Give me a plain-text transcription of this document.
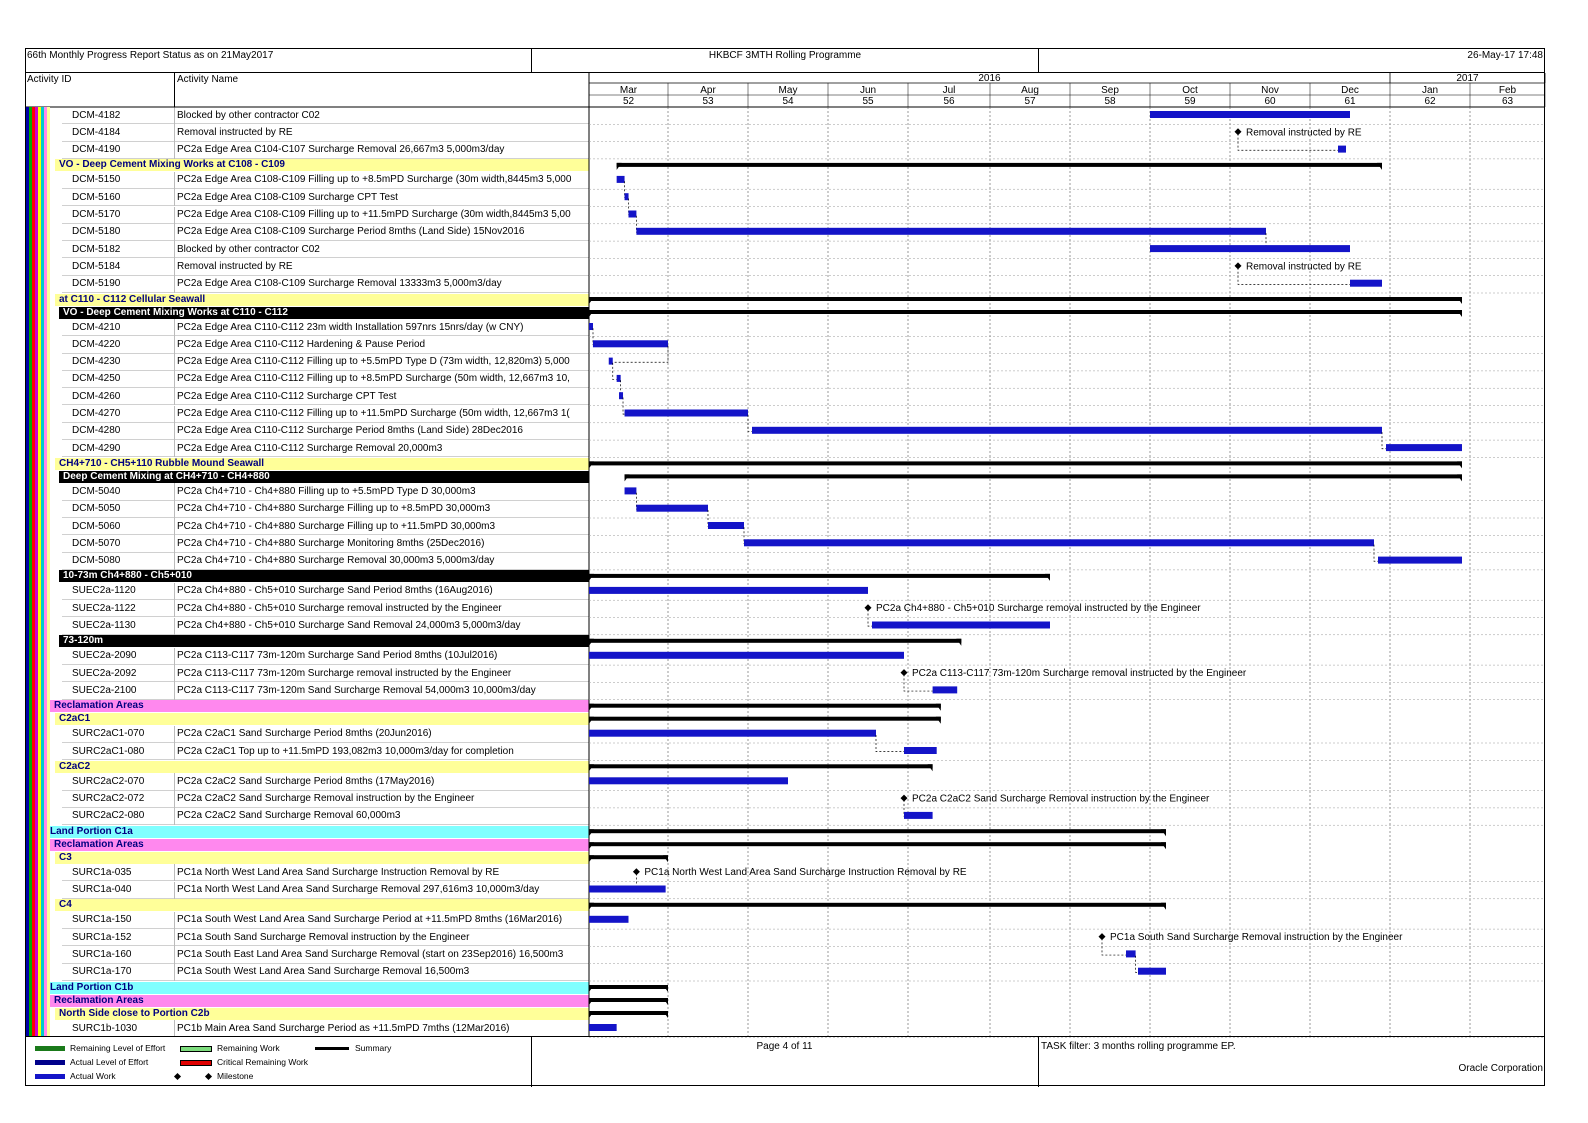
66th Monthly Progress Report Status as on 21May2017	HKBCF 3MTH Rolling Programme	26-May-17 17:48
Activity ID	Activity Name
DCM-4182	Blocked by other contractor C02
DCM-4184	Removal instructed by RE
DCM-4190	PC2a Edge Area C104-C107 Surcharge Removal 26,667m3 5,000m3/day
VO - Deep Cement Mixing Works at C108 - C109
DCM-5150	PC2a Edge Area C108-C109 Filling up to +8.5mPD Surcharge (30m width,8445m3 5,000
DCM-5160	PC2a Edge Area C108-C109 Surcharge CPT Test
DCM-5170	PC2a Edge Area C108-C109 Filling up to +11.5mPD Surcharge (30m width,8445m3 5,00
DCM-5180	PC2a Edge Area C108-C109 Surcharge Period 8mths (Land Side) 15Nov2016
DCM-5182	Blocked by other contractor C02
DCM-5184	Removal instructed by RE
DCM-5190	PC2a Edge Area C108-C109 Surcharge Removal 13333m3 5,000m3/day
at C110 - C112 Cellular Seawall
VO - Deep Cement Mixing Works at C110 - C112
DCM-4210	PC2a Edge Area C110-C112 23m width Installation 597nrs 15nrs/day (w CNY)
DCM-4220	PC2a Edge Area C110-C112 Hardening & Pause Period
DCM-4230	PC2a Edge Area C110-C112 Filling up to +5.5mPD Type D (73m width, 12,820m3) 5,000
DCM-4250	PC2a Edge Area C110-C112 Filling up to +8.5mPD Surcharge (50m width, 12,667m3 10,
DCM-4260	PC2a Edge Area C110-C112 Surcharge CPT Test
DCM-4270	PC2a Edge Area C110-C112 Filling up to +11.5mPD Surcharge (50m width, 12,667m3 1(
DCM-4280	PC2a Edge Area C110-C112 Surcharge Period 8mths (Land Side) 28Dec2016
DCM-4290	PC2a Edge Area C110-C112 Surcharge Removal 20,000m3
CH4+710 - CH5+110 Rubble Mound Seawall
Deep Cement Mixing at CH4+710 - CH4+880
DCM-5040	PC2a Ch4+710 - Ch4+880 Filling up to +5.5mPD Type D 30,000m3
DCM-5050	PC2a Ch4+710 - Ch4+880 Surcharge Filling up to +8.5mPD 30,000m3
DCM-5060	PC2a Ch4+710 - Ch4+880 Surcharge Filling up to +11.5mPD 30,000m3
DCM-5070	PC2a Ch4+710 - Ch4+880 Surcharge Monitoring 8mths (25Dec2016)
DCM-5080	PC2a Ch4+710 - Ch4+880 Surcharge Removal 30,000m3 5,000m3/day
10-73m Ch4+880 - Ch5+010
SUEC2a-1120	PC2a Ch4+880 - Ch5+010 Surcharge Sand Period 8mths (16Aug2016)
SUEC2a-1122	PC2a Ch4+880 - Ch5+010 Surcharge removal instructed by the Engineer
SUEC2a-1130	PC2a Ch4+880 - Ch5+010 Surcharge Sand Removal 24,000m3 5,000m3/day
73-120m
SUEC2a-2090	PC2a C113-C117 73m-120m Surcharge Sand Period 8mths (10Jul2016)
SUEC2a-2092	PC2a C113-C117 73m-120m Surcharge removal instructed by the Engineer
SUEC2a-2100	PC2a C113-C117 73m-120m Sand Surcharge Removal 54,000m3 10,000m3/day
Reclamation Areas
C2aC1
SURC2aC1-070	PC2a C2aC1 Sand Surcharge Period 8mths (20Jun2016)
SURC2aC1-080	PC2a C2aC1 Top up to +11.5mPD 193,082m3 10,000m3/day for completion
C2aC2
SURC2aC2-070	PC2a C2aC2 Sand Surcharge Period 8mths (17May2016)
SURC2aC2-072	PC2a C2aC2 Sand Surcharge Removal instruction by the Engineer
SURC2aC2-080	PC2a C2aC2 Sand Surcharge Removal 60,000m3
Land Portion C1a
Reclamation Areas
C3
SURC1a-035	PC1a North West Land Area Sand Surcharge Instruction Removal by RE
SURC1a-040	PC1a North West Land Area Sand Surcharge Removal 297,616m3 10,000m3/day
C4
SURC1a-150	PC1a South West Land Area Sand Surcharge Period at +11.5mPD 8mths (16Mar2016)
SURC1a-152	PC1a South Sand Surcharge Removal instruction by the Engineer
SURC1a-160	PC1a South East Land Area Sand Surcharge Removal (start on 23Sep2016) 16,500m3
SURC1a-170	PC1a South West Land Area Sand Surcharge Removal 16,500m3
Land Portion C1b
Reclamation Areas
North Side close to Portion C2b
SURC1b-1030	PC1b Main Area Sand Surcharge Period as +11.5mPD 7mths (12Mar2016)
2016	2017
Mar
52
Apr
53
May
54
Jun
55
Jul
56
Aug
57
Sep
58
Oct
59
Nov
60
Dec
61
Jan
62
Feb
63
Removal instructed by RE
Removal instructed by RE
PC2a Ch4+880 - Ch5+010 Surcharge removal instructed by the Engineer
PC2a C113-C117 73m-120m Surcharge removal instructed by the Engineer
PC2a C2aC2 Sand Surcharge Removal instruction by the Engineer
PC1a North West Land Area Sand Surcharge Instruction Removal by RE
PC1a South Sand Surcharge Removal instruction by the Engineer
Remaining Level of Effort
Actual Level of Effort
Actual Work
Remaining Work
Critical Remaining Work
Milestone
Summary	Page 4 of 11	TASK filter: 3 months rolling programme EP.
Oracle Corporation
